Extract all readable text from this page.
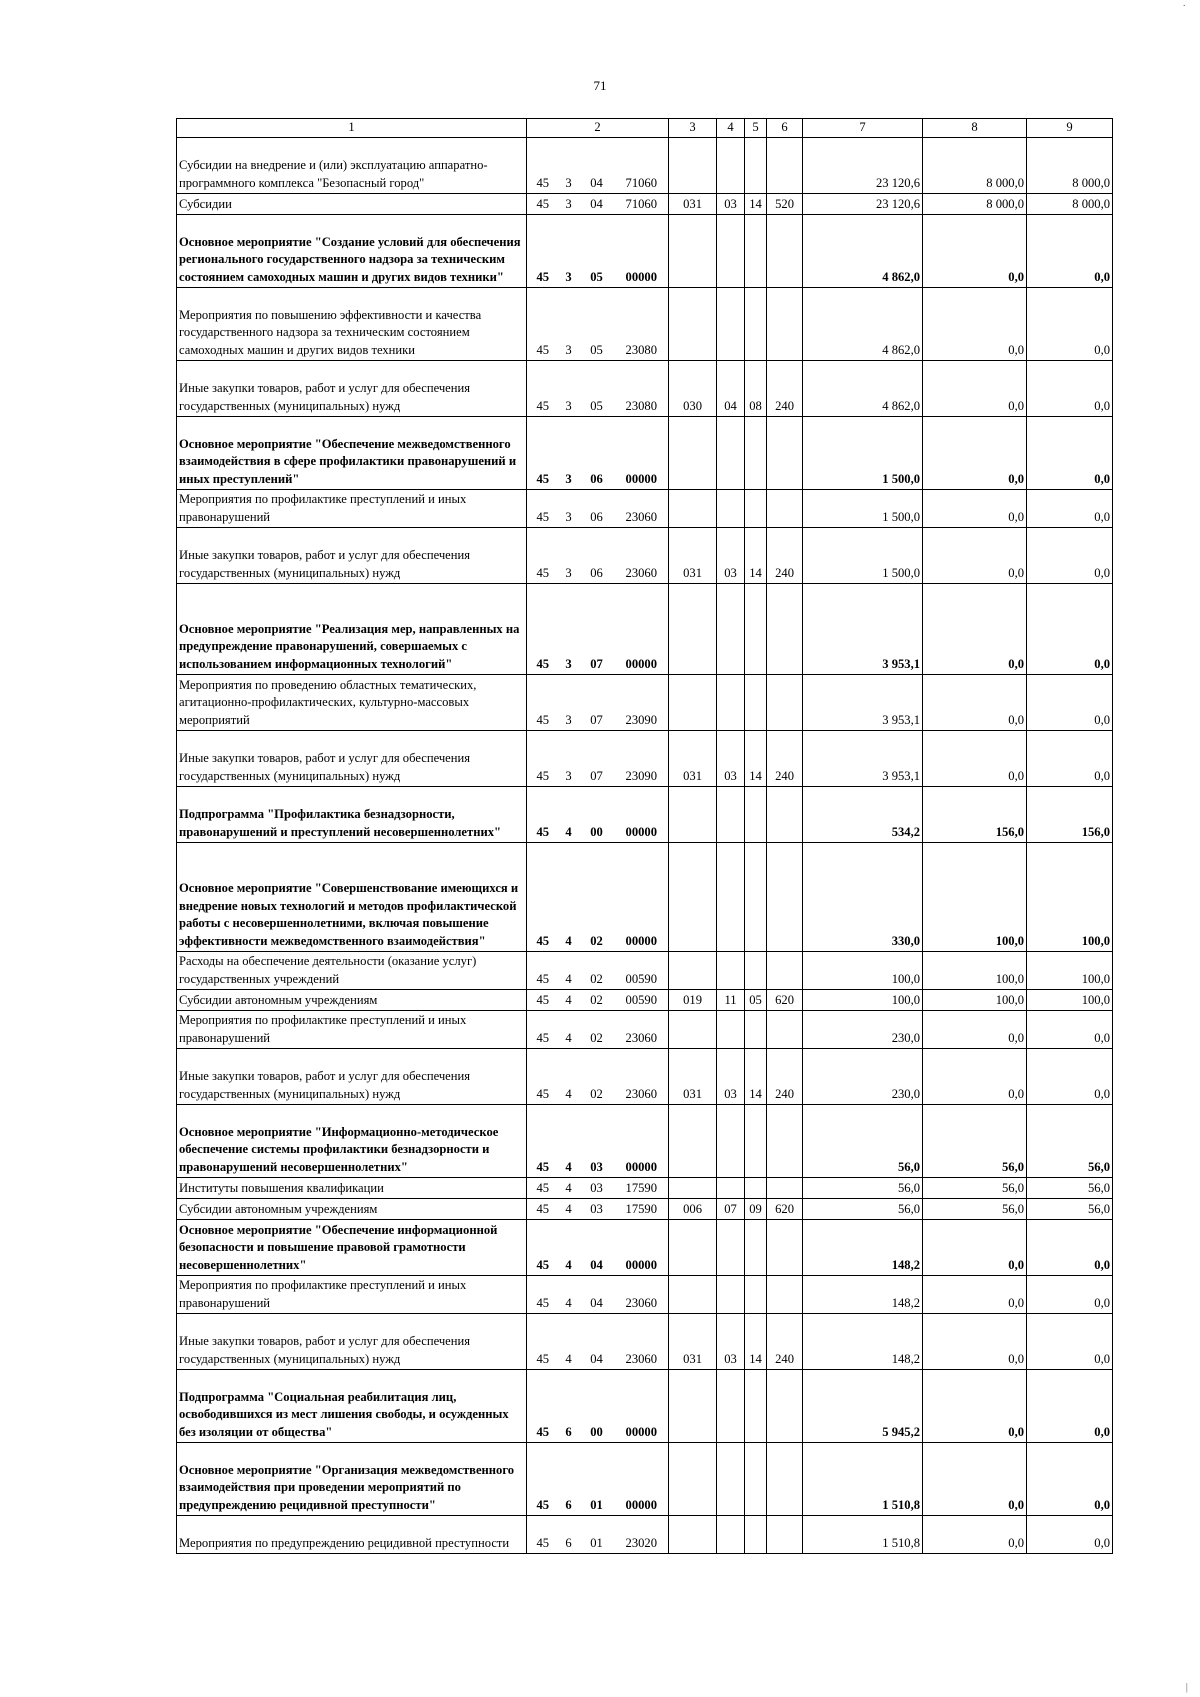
71
1	2				3	4	5	6	7	8	9
Субсидии на внедрение и (или) эксплуатацию аппаратно-программного комплекса "Безопасный город"	45	3	04	71060					23 120,6	8 000,0	8 000,0
Субсидии	45	3	04	71060	031	03	14	520	23 120,6	8 000,0	8 000,0
Основное мероприятие "Создание условий для обеспечения регионального государственного надзора за техническим состоянием самоходных машин и других видов техники"	45	3	05	00000					4 862,0	0,0	0,0
Мероприятия по повышению эффективности и качества государственного надзора за техническим состоянием самоходных машин и других видов техники	45	3	05	23080					4 862,0	0,0	0,0
Иные закупки товаров, работ и услуг для обеспечения государственных (муниципальных) нужд	45	3	05	23080	030	04	08	240	4 862,0	0,0	0,0
Основное мероприятие "Обеспечение межведомственного взаимодействия в сфере профилактики правонарушений и иных преступлений"	45	3	06	00000					1 500,0	0,0	0,0
Мероприятия по профилактике преступлений и иных правонарушений	45	3	06	23060					1 500,0	0,0	0,0
Иные закупки товаров, работ и услуг для обеспечения государственных (муниципальных) нужд	45	3	06	23060	031	03	14	240	1 500,0	0,0	0,0
Основное мероприятие "Реализация мер, направленных на предупреждение правонарушений, совершаемых с использованием информационных технологий"	45	3	07	00000					3 953,1	0,0	0,0
Мероприятия по проведению областных тематических, агитационно-профилактических, культурно-массовых мероприятий	45	3	07	23090					3 953,1	0,0	0,0
Иные закупки товаров, работ и услуг для обеспечения государственных (муниципальных) нужд	45	3	07	23090	031	03	14	240	3 953,1	0,0	0,0
Подпрограмма "Профилактика безнадзорности, правонарушений и преступлений несовершеннолетних"	45	4	00	00000					534,2	156,0	156,0
Основное мероприятие "Совершенствование имеющихся и внедрение новых технологий и методов профилактической работы с несовершеннолетними, включая повышение эффективности межведомственного взаимодействия"	45	4	02	00000					330,0	100,0	100,0
Расходы на обеспечение деятельности (оказание услуг) государственных учреждений	45	4	02	00590					100,0	100,0	100,0
Субсидии автономным учреждениям	45	4	02	00590	019	11	05	620	100,0	100,0	100,0
Мероприятия по профилактике преступлений и иных правонарушений	45	4	02	23060					230,0	0,0	0,0
Иные закупки товаров, работ и услуг для обеспечения государственных (муниципальных) нужд	45	4	02	23060	031	03	14	240	230,0	0,0	0,0
Основное мероприятие "Информационно-методическое обеспечение системы профилактики безнадзорности и правонарушений несовершеннолетних"	45	4	03	00000					56,0	56,0	56,0
Институты повышения квалификации	45	4	03	17590					56,0	56,0	56,0
Субсидии автономным учреждениям	45	4	03	17590	006	07	09	620	56,0	56,0	56,0
Основное мероприятие "Обеспечение информационной безопасности и повышение правовой грамотности несовершеннолетних"	45	4	04	00000					148,2	0,0	0,0
Мероприятия по профилактике преступлений и иных правонарушений	45	4	04	23060					148,2	0,0	0,0
Иные закупки товаров, работ и услуг для обеспечения государственных (муниципальных) нужд	45	4	04	23060	031	03	14	240	148,2	0,0	0,0
Подпрограмма "Социальная реабилитация лиц, освободившихся из мест лишения свободы, и осужденных без изоляции от общества"	45	6	00	00000					5 945,2	0,0	0,0
Основное мероприятие "Организация межведомственного взаимодействия при проведении мероприятий по предупреждению рецидивной преступности"	45	6	01	00000					1 510,8	0,0	0,0
Мероприятия по предупреждению рецидивной преступности	45	6	01	23020					1 510,8	0,0	0,0
·
|
